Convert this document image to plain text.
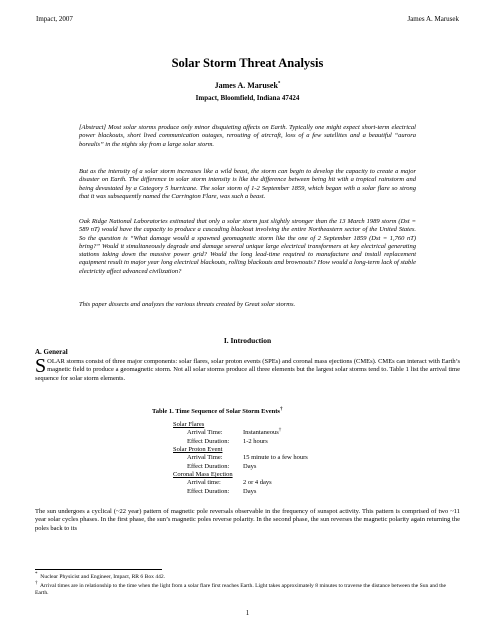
Impact, 2007	James A. Marusek
Solar Storm Threat Analysis
James A. Marusek*
Impact, Bloomfield, Indiana 47424

[Abstract] Most solar storms produce only minor disquieting affects on Earth. Typically one might expect short-term electrical power blackouts, short lived communication outages, rerouting of aircraft, loss of a few satellites and a beautiful “aurora borealis” in the nights sky from a large solar storm.

But as the intensity of a solar storm increases like a wild beast, the storm can begin to develop the capacity to create a major disaster on Earth. The difference in solar storm intensity is like the difference between being hit with a tropical rainstorm and being devastated by a Category 5 hurricane. The solar storm of 1-2 September 1859, which began with a solar flare so strong that it was subsequently named the Carrington Flare, was such a beast.

Oak Ridge National Laboratories estimated that only a solar storm just slightly stronger than the 13 March 1989 storm (Dst = 589 nT) would have the capacity to produce a cascading blackout involving the entire Northeastern sector of the United States. So the question is “What damage would a spawned geomagnetic storm like the one of 2 September 1859 (Dst = 1,760 nT) bring?” Would it simultaneously degrade and damage several unique large electrical transformers at key electrical generating stations taking down the massive power grid? Would the long lead-time required to manufacture and install replacement equipment result in major year long electrical blackouts, rolling blackouts and brownouts? How would a long-term lack of stable electricity affect advanced civilization?

This paper dissects and analyzes the various threats created by Great solar storms.

I. Introduction
A. General

SOLAR storms consist of three major components: solar flares, solar proton events (SPEs) and coronal mass ejections (CMEs). CMEs can interact with Earth’s magnetic field to produce a geomagnetic storm. Not all solar storms produce all three elements but the largest solar storms tend to. Table 1 list the arrival time sequence for solar storm elements.

Table 1. Time Sequence of Solar Storm Events†
Solar Flares
Arrival Time:	Instantaneous†
Effect Duration:	1-2 hours
Solar Proton Event
Arrival Time:	15 minute to a few hours
Effect Duration:	Days
Coronal Mass Ejection
Arrival time:	2 or 4 days
Effect Duration:	Days

The sun undergoes a cyclical (~22 year) pattern of magnetic pole reversals observable in the frequency of sunspot activity. This pattern is comprised of two ~11 year solar cycles phases. In the first phase, the sun’s magnetic poles reverse polarity. In the second phase, the sun reverses the magnetic polarity again returning the poles back to its

* Nuclear Physicist and Engineer, Impact, RR 6 Box 442.

† Arrival times are in relationship to the time when the light from a solar flare first reaches Earth. Light takes approximately 8 minutes to traverse the distance between the Sun and the Earth.

1
